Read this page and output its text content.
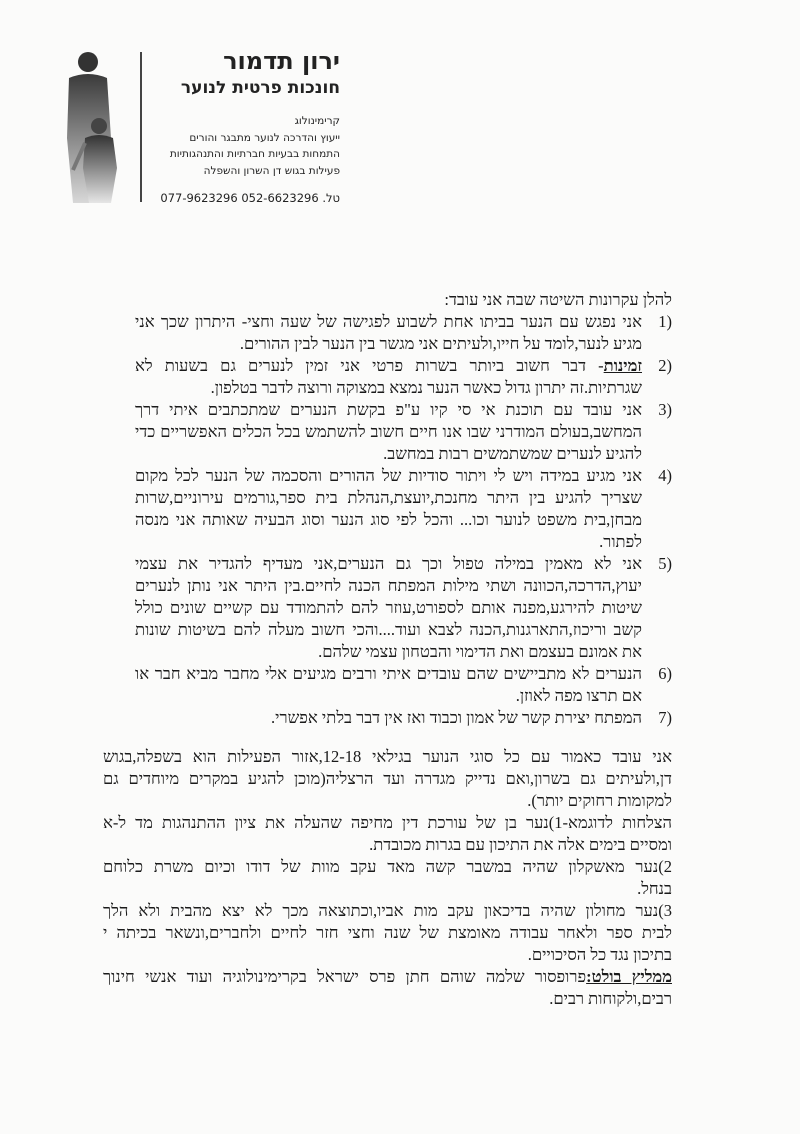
ירון תדמור
חונכות פרטית לנוער
קרימינולוג
ייעוץ והדרכה לנוער מתבגר והורים
התמחות בבעיות חברתיות והתנהגותיות
פעילות בגוש דן השרון והשפלה
טל. 052-6623296 077-9623296
להלן עקרונות השיטה שבה אני עובד:
1)
אני נפגש עם הנער בביתו אחת לשבוע לפגישה של שעה וחצי- היתרון שכך אני
מגיע לנער,לומד על חייו,ולעיתים אני מגשר בין הנער לבין ההורים.
2)
זמינות- דבר חשוב ביותר בשרות פרטי אני זמין לנערים גם בשעות לא
שגרתיות.זה יתרון גדול כאשר הנער נמצא במצוקה ורוצה לדבר בטלפון.
3)
אני עובד עם תוכנת אי סי קיו ע"פ בקשת הנערים שמתכתבים איתי דרך
המחשב,בעולם המודרני שבו אנו חיים חשוב להשתמש בכל הכלים האפשריים כדי
להגיע לנערים שמשתמשים רבות במחשב.
4)
אני מגיע במידה ויש לי ויתור סודיות של ההורים והסכמה של הנער לכל מקום
שצריך להגיע בין היתר מחנכת,יועצת,הנהלת בית ספר,גורמים עירוניים,שרות
מבחן,בית משפט לנוער וכו... והכל לפי סוג הנער וסוג הבעיה שאותה אני מנסה
לפתור.
5)
אני לא מאמין במילה טפול וכך גם הנערים,אני מעדיף להגדיר את עצמי
יעוץ,הדרכה,הכוונה ושתי מילות המפתח הכנה לחיים.בין היתר אני נותן לנערים
שיטות להירגע,מפנה אותם לספורט,עוזר להם להתמודד עם קשיים שונים כולל
קשב וריכוז,התארגנות,הכנה לצבא ועוד....והכי חשוב מעלה להם בשיטות שונות
את אמונם בעצמם ואת הדימוי והבטחון עצמי שלהם.
6)
הנערים לא מתביישים שהם עובדים איתי ורבים מגיעים אלי מחבר מביא חבר או
אם תרצו מפה לאוזן.
7)
המפתח יצירת קשר של אמון וכבוד ואז אין דבר בלתי אפשרי.
אני עובד כאמור עם כל סוגי הנוער בגילאי 12-18,אזור הפעילות הוא בשפלה,בגוש
דן,ולעיתים גם בשרון,ואם נדייק מגדרה ועד הרצליה(מוכן להגיע במקרים מיוחדים גם
למקומות רחוקים יותר).
הצלחות לדוגמא-1)נער בן של עורכת דין מחיפה שהעלה את ציון ההתנהגות מד ל-א
ומסיים בימים אלה את התיכון עם בגרות מכובדת.
2)נער מאשקלון שהיה במשבר קשה מאד עקב מוות של דודו וכיום משרת כלוחם
בנחל.
3)נער מחולון שהיה בדיכאון עקב מות אביו,וכתוצאה מכך לא יצא מהבית ולא הלך
לבית ספר ולאחר עבודה מאומצת של שנה וחצי חזר לחיים ולחברים,ונשאר בכיתה י
בתיכון נגד כל הסיכויים.
ממליץ בולט:פרופסור שלמה שוהם חתן פרס ישראל בקרימינולוגיה ועוד אנשי חינוך
רבים,ולקוחות רבים.
